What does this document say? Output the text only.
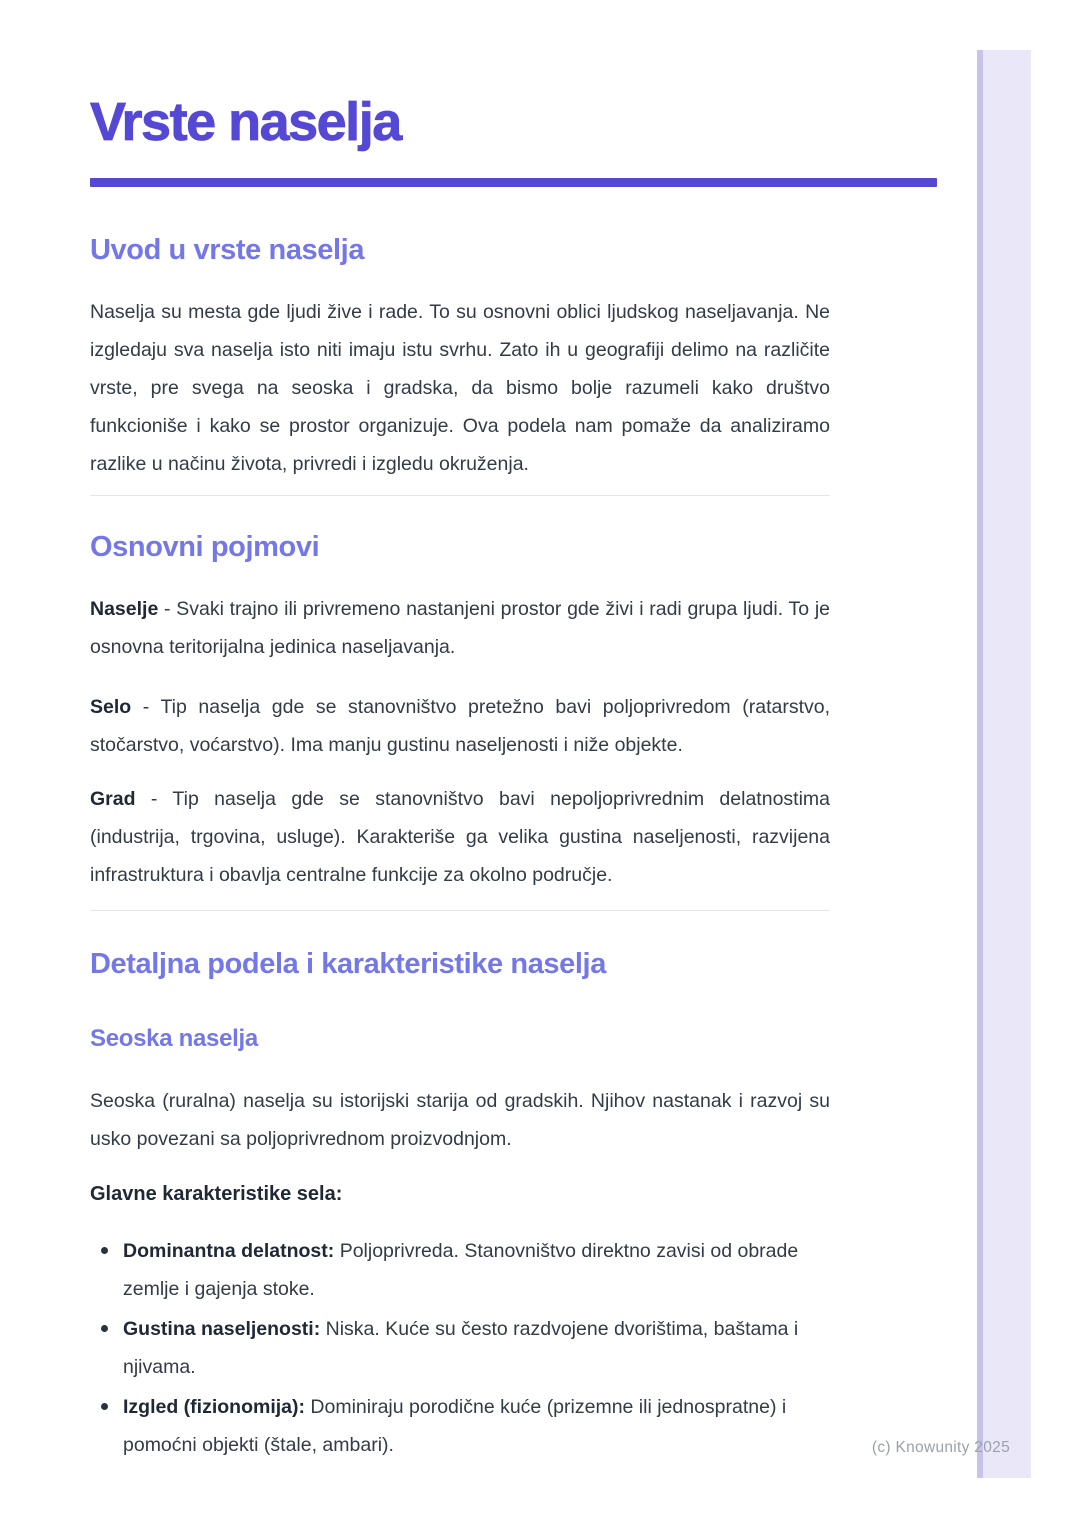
Vrste naselja
Uvod u vrste naselja

Naselja su mesta gde ljudi žive i rade. To su osnovni oblici ljudskog naseljavanja. Ne izgledaju sva naselja isto niti imaju istu svrhu. Zato ih u geografiji delimo na različite vrste, pre svega na seoska i gradska, da bismo bolje razumeli kako društvo funkcioniše i kako se prostor organizuje. Ova podela nam pomaže da analiziramo razlike u načinu života, privredi i izgledu okruženja.

Osnovni pojmovi

Naselje - Svaki trajno ili privremeno nastanjeni prostor gde živi i radi grupa ljudi. To je osnovna teritorijalna jedinica naseljavanja.

Selo - Tip naselja gde se stanovništvo pretežno bavi poljoprivredom (ratarstvo, stočarstvo, voćarstvo). Ima manju gustinu naseljenosti i niže objekte.

Grad - Tip naselja gde se stanovništvo bavi nepoljoprivrednim delatnostima (industrija, trgovina, usluge). Karakteriše ga velika gustina naseljenosti, razvijena infrastruktura i obavlja centralne funkcije za okolno područje.

Detaljna podela i karakteristike naselja
Seoska naselja

Seoska (ruralna) naselja su istorijski starija od gradskih. Njihov nastanak i razvoj su usko povezani sa poljoprivrednom proizvodnjom.

Glavne karakteristike sela:

Dominantna delatnost: Poljoprivreda. Stanovništvo direktno zavisi od obrade zemlje i gajenja stoke.
Gustina naseljenosti: Niska. Kuće su često razdvojene dvorištima, baštama i njivama.
Izgled (fizionomija): Dominiraju porodične kuće (prizemne ili jednospratne) i pomoćni objekti (štale, ambari).	(c) Knowunity 2025
